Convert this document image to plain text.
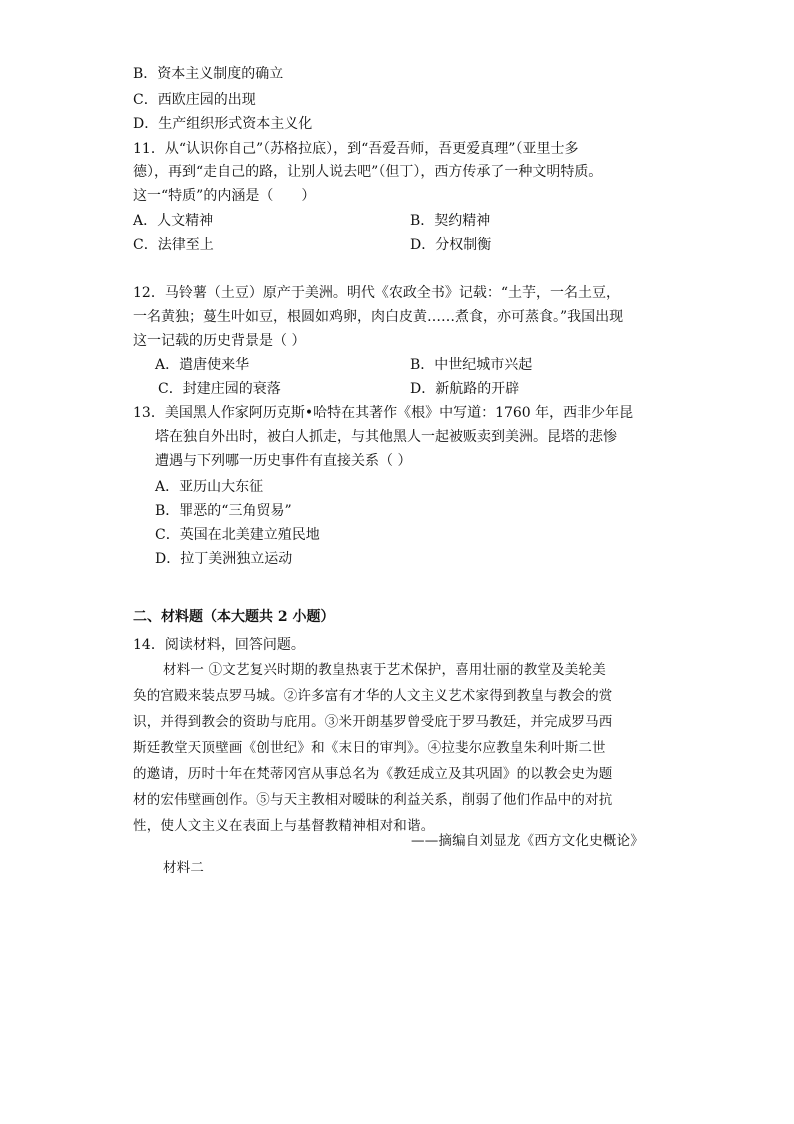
B．资本主义制度的确立
C．西欧庄园的出现
D．生产组织形式资本主义化
11．从“认识你自己”（苏格拉底），到“吾爱吾师，吾更爱真理”（亚里士多
德），再到“走自己的路，让别人说去吧”（但丁），西方传承了一种文明特质。
这一“特质”的内涵是（　　）
A．人文精神	B．契约精神
C．法律至上	D．分权制衡
12．马铃薯（土豆）原产于美洲。明代《农政全书》记载：“土芋，一名土豆，
一名黄独；蔓生叶如豆，根圆如鸡卵，肉白皮黄……煮食，亦可蒸食。”我国出现
这一记载的历史背景是（ ）
A．遣唐使来华	B．中世纪城市兴起
C．封建庄园的衰落	D．新航路的开辟
13．美国黑人作家阿历克斯•哈特在其著作《根》中写道：1760 年，西非少年昆
塔在独自外出时，被白人抓走，与其他黑人一起被贩卖到美洲。昆塔的悲惨
遭遇与下列哪一历史事件有直接关系（ ）
A．亚历山大东征
B．罪恶的“三角贸易”
C．英国在北美建立殖民地
D．拉丁美洲独立运动
二、材料题（本大题共 2 小题）
14．阅读材料，回答问题。
材料一 ①文艺复兴时期的教皇热衷于艺术保护，喜用壮丽的教堂及美轮美
奂的宫殿来装点罗马城。②许多富有才华的人文主义艺术家得到教皇与教会的赏
识，并得到教会的资助与庇用。③米开朗基罗曾受庇于罗马教廷，并完成罗马西
斯廷教堂天顶壁画《创世纪》和《末日的审判》。④拉斐尔应教皇朱利叶斯二世
的邀请，历时十年在梵蒂冈宫从事总名为《教廷成立及其巩固》的以教会史为题
材的宏伟壁画创作。⑤与天主教相对暧昧的利益关系，削弱了他们作品中的对抗
性，使人文主义在表面上与基督教精神相对和谐。
——摘编自刘显龙《西方文化史概论》
材料二
